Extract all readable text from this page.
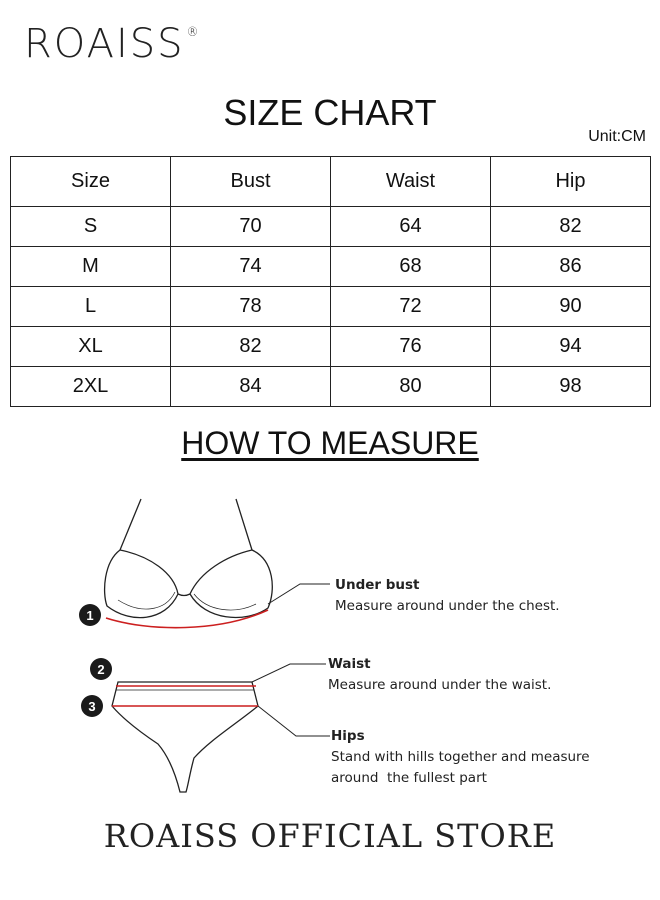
ROAISS ®
SIZE CHART
Unit:CM
Size	Bust	Waist	Hip
S	70	64	82
M	74	68	86
L	78	72	90
XL	82	76	94
2XL	84	80	98
HOW TO MEASURE
1
2
3
Under bust
Measure around under the chest.
Waist
Measure around under the waist.
Hips
Stand with hills together and measure
around  the fullest part
ROAISS OFFICIAL STORE
